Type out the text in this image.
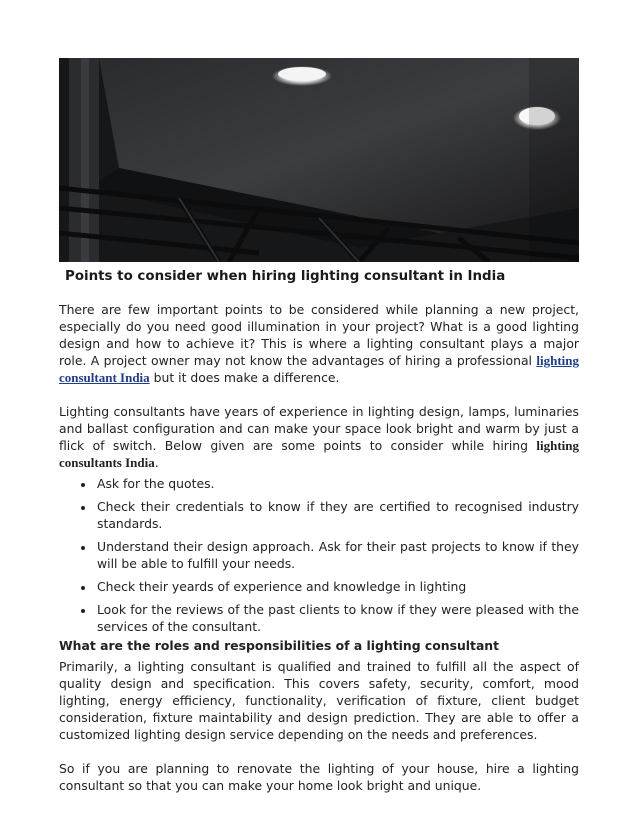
Points to consider when hiring lighting consultant in India

There are few important points to be considered while planning a new project, especially do you need good illumination in your project? What is a good lighting design and how to achieve it? This is where a lighting consultant plays a major role. A project owner may not know the advantages of hiring a professional lighting consultant India but it does make a difference.

Lighting consultants have years of experience in lighting design, lamps, luminaries and ballast configuration and can make your space look bright and warm by just a flick of switch. Below given are some points to consider while hiring lighting consultants India.

• Ask for the quotes.
• Check their credentials to know if they are certified to recognised industry standards.
• Understand their design approach. Ask for their past projects to know if they will be able to fulfill your needs.
• Check their yeards of experience and knowledge in lighting
• Look for the reviews of the past clients to know if they were pleased with the services of the consultant.
What are the roles and responsibilities of a lighting consultant

Primarily, a lighting consultant is qualified and trained to fulfill all the aspect of quality design and specification. This covers safety, security, comfort, mood lighting, energy efficiency, functionality, verification of fixture, client budget consideration, fixture maintability and design prediction. They are able to offer a customized lighting design service depending on the needs and preferences.

So if you are planning to renovate the lighting of your house, hire a lighting consultant so that you can make your home look bright and unique.
